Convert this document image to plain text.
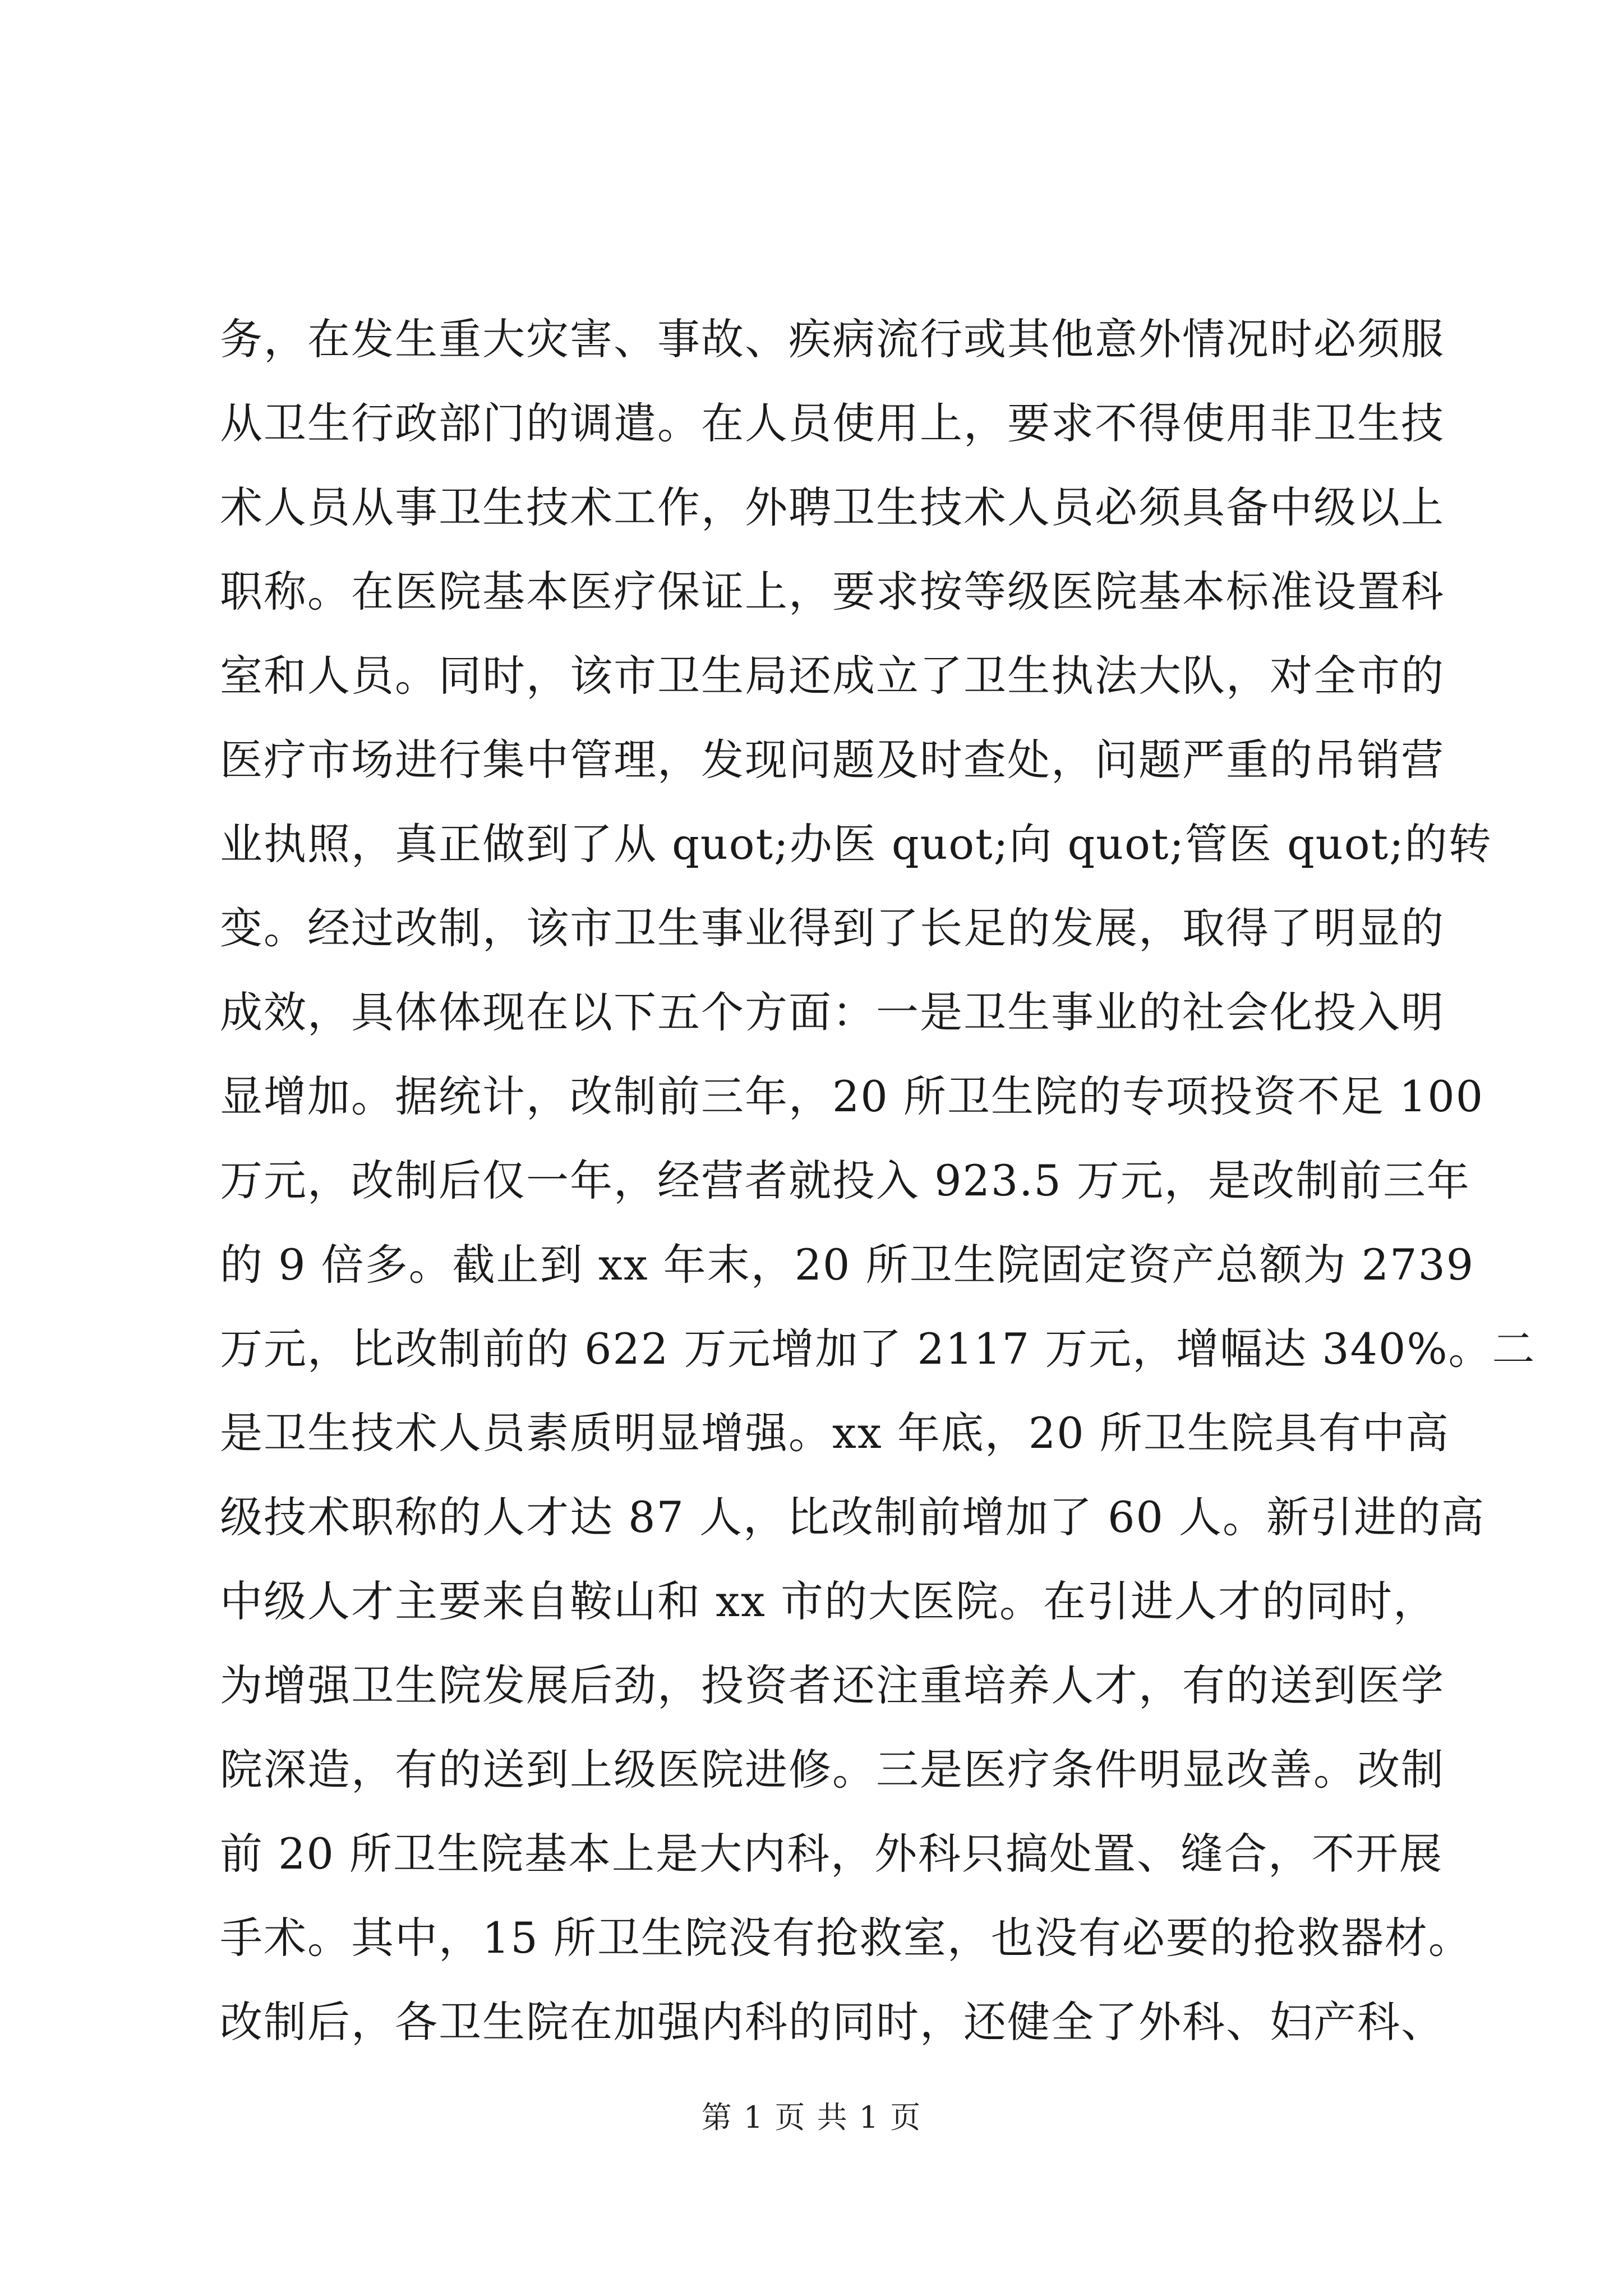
务，在发生重大灾害、事故、疾病流行或其他意外情况时必须服
从卫生行政部门的调遣。在人员使用上，要求不得使用非卫生技
术人员从事卫生技术工作，外聘卫生技术人员必须具备中级以上
职称。在医院基本医疗保证上，要求按等级医院基本标准设置科
室和人员。同时，该市卫生局还成立了卫生执法大队，对全市的
医疗市场进行集中管理，发现问题及时查处，问题严重的吊销营
业执照，真正做到了从 quot;办医 quot;向 quot;管医 quot;的转
变。经过改制，该市卫生事业得到了长足的发展，取得了明显的
成效，具体体现在以下五个方面：一是卫生事业的社会化投入明
显增加。据统计，改制前三年，20 所卫生院的专项投资不足 100
万元，改制后仅一年，经营者就投入 923.5 万元，是改制前三年
的 9 倍多。截止到 xx 年末，20 所卫生院固定资产总额为 2739
万元，比改制前的 622 万元增加了 2117 万元，增幅达 340%。二
是卫生技术人员素质明显增强。xx 年底，20 所卫生院具有中高
级技术职称的人才达 87 人，比改制前增加了 60 人。新引进的高
中级人才主要来自鞍山和 xx 市的大医院。在引进人才的同时，
为增强卫生院发展后劲，投资者还注重培养人才，有的送到医学
院深造，有的送到上级医院进修。三是医疗条件明显改善。改制
前 20 所卫生院基本上是大内科，外科只搞处置、缝合，不开展
手术。其中，15 所卫生院没有抢救室，也没有必要的抢救器材。
改制后，各卫生院在加强内科的同时，还健全了外科、妇产科、
第 1 页 共 1 页
